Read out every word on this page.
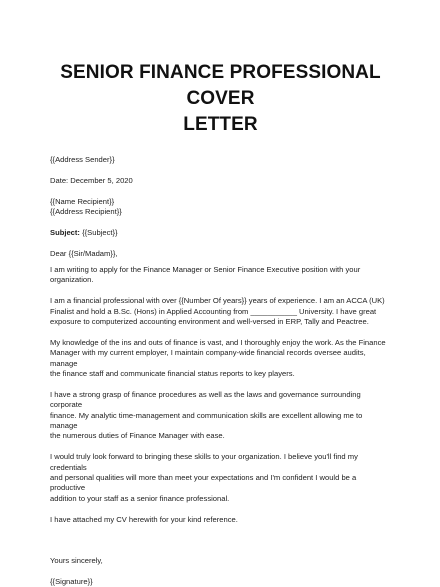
SENIOR FINANCE PROFESSIONAL COVER
LETTER

{{Address Sender}}

Date: December 5, 2020

{{Name Recipient}}

{{Address Recipient}}

Subject: {{Subject}}

Dear {{Sir/Madam}},

I am writing to apply for the Finance Manager or Senior Finance Executive position with your
organization.

I am a financial professional with over {{Number Of years}} years of experience. I am an ACCA (UK)
Finalist and hold a B.Sc. (Hons) in Applied Accounting from ___________ University. I have great
exposure to computerized accounting environment and well-versed in ERP, Tally and Peactree.

My knowledge of the ins and outs of finance is vast, and I thoroughly enjoy the work. As the Finance
Manager with my current employer, I maintain company-wide financial records oversee audits, manage
the finance staff and communicate financial status reports to key players.

I have a strong grasp of finance procedures as well as the laws and governance surrounding corporate
finance. My analytic time-management and communication skills are excellent allowing me to manage
the numerous duties of Finance Manager with ease.

I would truly look forward to bringing these skills to your organization. I believe you'll find my credentials
and personal qualities will more than meet your expectations and I'm confident I would be a productive
addition to your staff as a senior finance professional.

I have attached my CV herewith for your kind reference.

Yours sincerely,

{{Signature}}
